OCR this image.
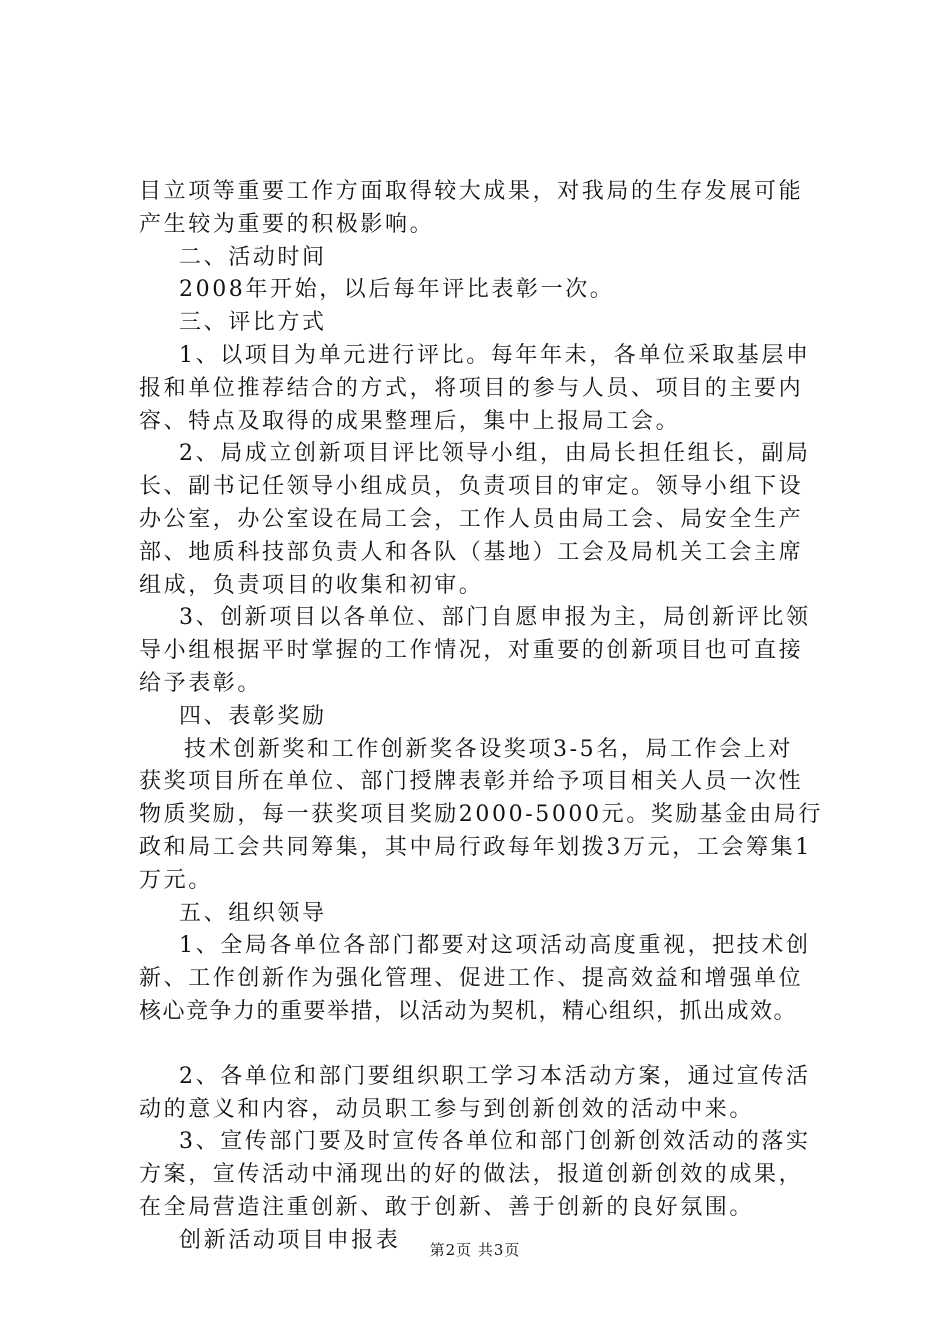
目立项等重要工作方面取得较大成果，对我局的生存发展可能
产生较为重要的积极影响。
二、活动时间
2008年开始，以后每年评比表彰一次。
三、评比方式
1、以项目为单元进行评比。每年年未，各单位采取基层申
报和单位推荐结合的方式，将项目的参与人员、项目的主要内
容、特点及取得的成果整理后，集中上报局工会。
2、局成立创新项目评比领导小组，由局长担任组长，副局
长、副书记任领导小组成员，负责项目的审定。领导小组下设
办公室，办公室设在局工会，工作人员由局工会、局安全生产
部、地质科技部负责人和各队（基地）工会及局机关工会主席
组成，负责项目的收集和初审。
3、创新项目以各单位、部门自愿申报为主，局创新评比领
导小组根据平时掌握的工作情况，对重要的创新项目也可直接
给予表彰。
四、表彰奖励
技术创新奖和工作创新奖各设奖项3-5名，局工作会上对
获奖项目所在单位、部门授牌表彰并给予项目相关人员一次性
物质奖励，每一获奖项目奖励2000-5000元。奖励基金由局行
政和局工会共同筹集，其中局行政每年划拨3万元，工会筹集1
万元。
五、组织领导
1、全局各单位各部门都要对这项活动高度重视，把技术创
新、工作创新作为强化管理、促进工作、提高效益和增强单位
核心竞争力的重要举措，以活动为契机，精心组织，抓出成效。
2、各单位和部门要组织职工学习本活动方案，通过宣传活
动的意义和内容，动员职工参与到创新创效的活动中来。
3、宣传部门要及时宣传各单位和部门创新创效活动的落实
方案，宣传活动中涌现出的好的做法，报道创新创效的成果，
在全局营造注重创新、敢于创新、善于创新的良好氛围。
创新活动项目申报表	第2页 共3页
